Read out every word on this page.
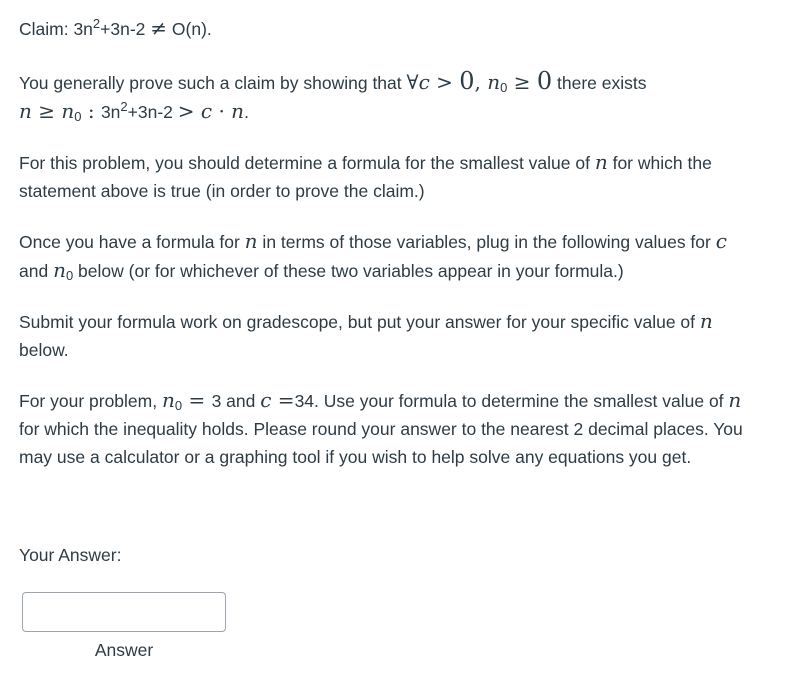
Claim: $3n^2+3n-2 \ne O(n)$.

You generally prove such a claim by showing that ∀c > 0, $n_0 \ge 0$ there exists
$n \ge n_0$ : $3n^2+3n-2 > c \cdot n$.

For this problem, you should determine a formula for the smallest value of n for which the statement above is true (in order to prove the claim.)

Once you have a formula for n in terms of those variables, plug in the following values for c and $n_0$ below (or for whichever of these two variables appear in your formula.)

Submit your formula work on gradescope, but put your answer for your specific value of n below.

For your problem, $n_0 = 3$ and c =34. Use your formula to determine the smallest value of n for which the inequality holds. Please round your answer to the nearest 2 decimal places. You may use a calculator or a graphing tool if you wish to help solve any equations you get.

Your Answer:
Answer
